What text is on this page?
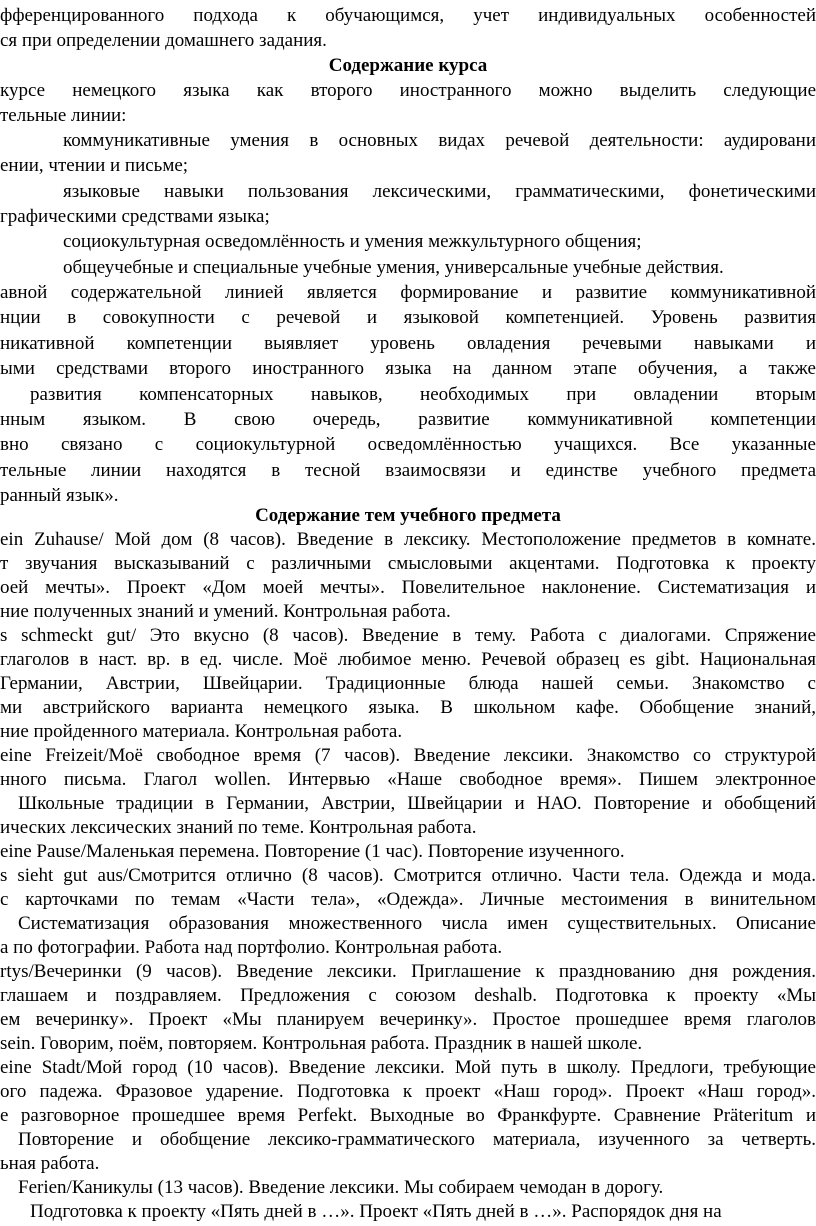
ффеpенцированного подхода к обучающимся, учет индивидуальных особенностей
ся при определении домашнего задания.
Содержание курса
курсе немецкого языка как второго иностранного можно выделить следующие
тельные линии:
коммуникативные умения в основных видах речевой деятельности: аудировани
ении, чтении и письме;
языковые навыки пользования лексическими, грамматическими, фонетическими
графическими средствами языка;
социокультурная осведомлённость и умения межкультурного общения;
общеучебные и специальные учебные умения, универсальные учебные действия.
авной содержательной линией является формирование и развитие коммуникативной
нции в совокупности с речевой и языковой компетенцией. Уровень развития
никативной компетенции выявляет уровень овладения речевыми навыками и
ыми средствами второго иностранного языка на данном этапе обучения, а также
развития компенсаторных навыков, необходимых при овладении вторым
нным языком. В свою очередь, развитие коммуникативной компетенции
вно связано с социокультурной осведомлённостью учащихся. Все указанные
тельные линии находятся в тесной взаимосвязи и единстве учебного предмета
ранный язык».
Содержание тем учебного предмета
ein Zuhause/ Мой дом (8 часов). Введение в лексику. Местоположение предметов в комнате.
т звучания высказываний с различными смысловыми акцентами. Подготовка к проекту
оей мечты». Проект «Дом моей мечты». Повелительное наклонение. Систематизация и
ние полученных знаний и умений. Контрольная работа.
s schmeckt gut/ Это вкусно (8 часов). Введение в тему. Работа с диалогами. Спряжение
глаголов в наст. вр. в ед. числе. Моё любимое меню. Речевой образец es gibt. Национальная
Германии, Австрии, Швейцарии. Традиционные блюда нашей семьи. Знакомство с
ми австрийского варианта немецкого языка. В школьном кафе. Обобщение знаний,
ние пройденного материала. Контрольная работа.
eine Freizeit/Моё свободное время (7 часов). Введение лексики. Знакомство со структурой
нного письма. Глагол wollen. Интервью «Наше свободное время». Пишем электронное
Школьные традиции в Германии, Австрии, Швейцарии и НАО. Повторение и обобщений
ических лексических знаний по теме. Контрольная работа.
eine Pause/Маленькая перемена. Повторение (1 час). Повторение изученного.
s sieht gut aus/Смотрится отлично (8 часов). Смотрится отлично. Части тела. Одежда и мода.
с карточками по темам «Части тела», «Одежда». Личные местоимения в винительном
Систематизация образования множественного числа имен существительных. Описание
а по фотографии. Работа над портфолио. Контрольная работа.
rtys/Вечеринки (9 часов). Введение лексики. Приглашение к празднованию дня рождения.
глашаем и поздравляем. Предложения с союзом deshalb. Подготовка к проекту «Мы
ем вечеринку». Проект «Мы планируем вечеринку». Простое прошедшее время глаголов
sein. Говорим, поём, повторяем. Контрольная работа. Праздник в нашей школе.
eine Stadt/Мой город (10 часов). Введение лексики. Мой путь в школу. Предлоги, требующие
ого падежа. Фразовое ударение. Подготовка к проект «Наш город». Проект «Наш город».
е разговорное прошедшее время Perfekt. Выходные во Франкфурте. Сравнение Präteritum и
Повторение и обобщение лексико-грамматического материала, изученного за четверть.
ьная работа.
Ferien/Каникулы (13 часов). Введение лексики. Мы собираем чемодан в дорогу.
Подготовка к проекту «Пять дней в …». Проект «Пять дней в …». Распорядок дня на
